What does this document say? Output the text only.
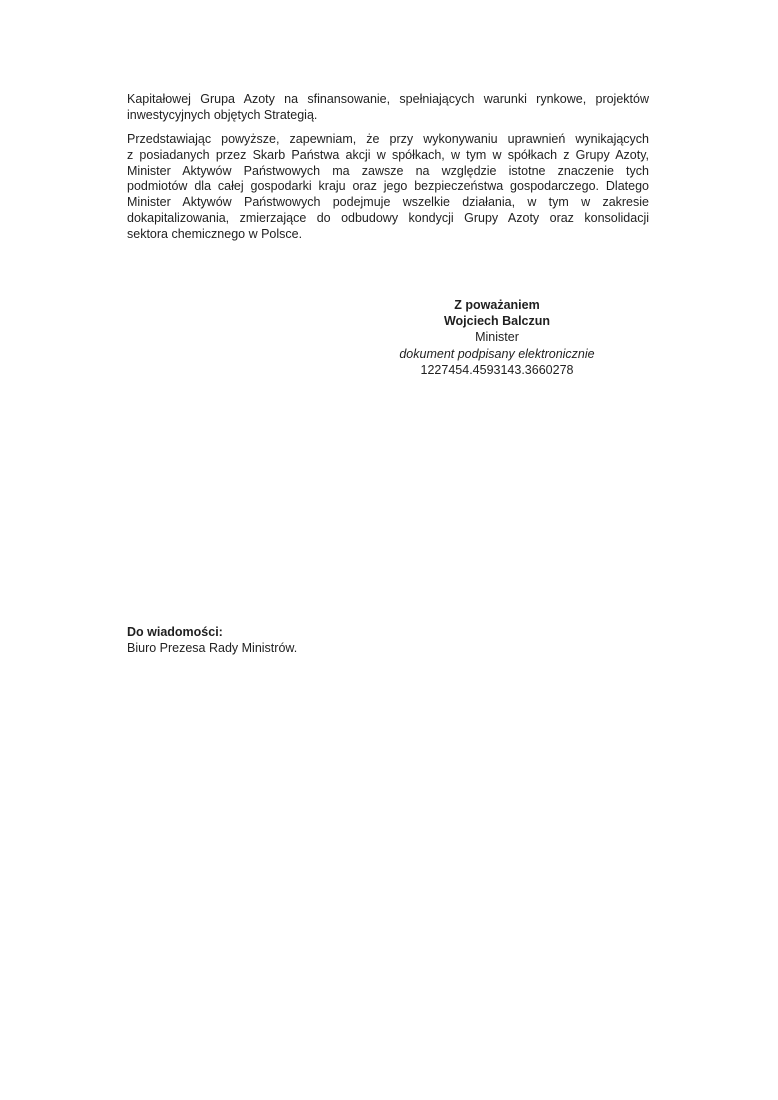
Kapitałowej Grupa Azoty na sfinansowanie, spełniających warunki rynkowe, projektów
inwestycyjnych objętych Strategią.
Przedstawiając powyższe, zapewniam, że przy wykonywaniu uprawnień wynikających
z posiadanych przez Skarb Państwa akcji w spółkach, w tym w spółkach z Grupy Azoty,
Minister Aktywów Państwowych ma zawsze na względzie istotne znaczenie tych
podmiotów dla całej gospodarki kraju oraz jego bezpieczeństwa gospodarczego. Dlatego
Minister Aktywów Państwowych podejmuje wszelkie działania, w tym w zakresie
dokapitalizowania, zmierzające do odbudowy kondycji Grupy Azoty oraz konsolidacji
sektora chemicznego w Polsce.
Z poważaniem
Wojciech Balczun
Minister
dokument podpisany elektronicznie
1227454.4593143.3660278
Do wiadomości:
Biuro Prezesa Rady Ministrów.
